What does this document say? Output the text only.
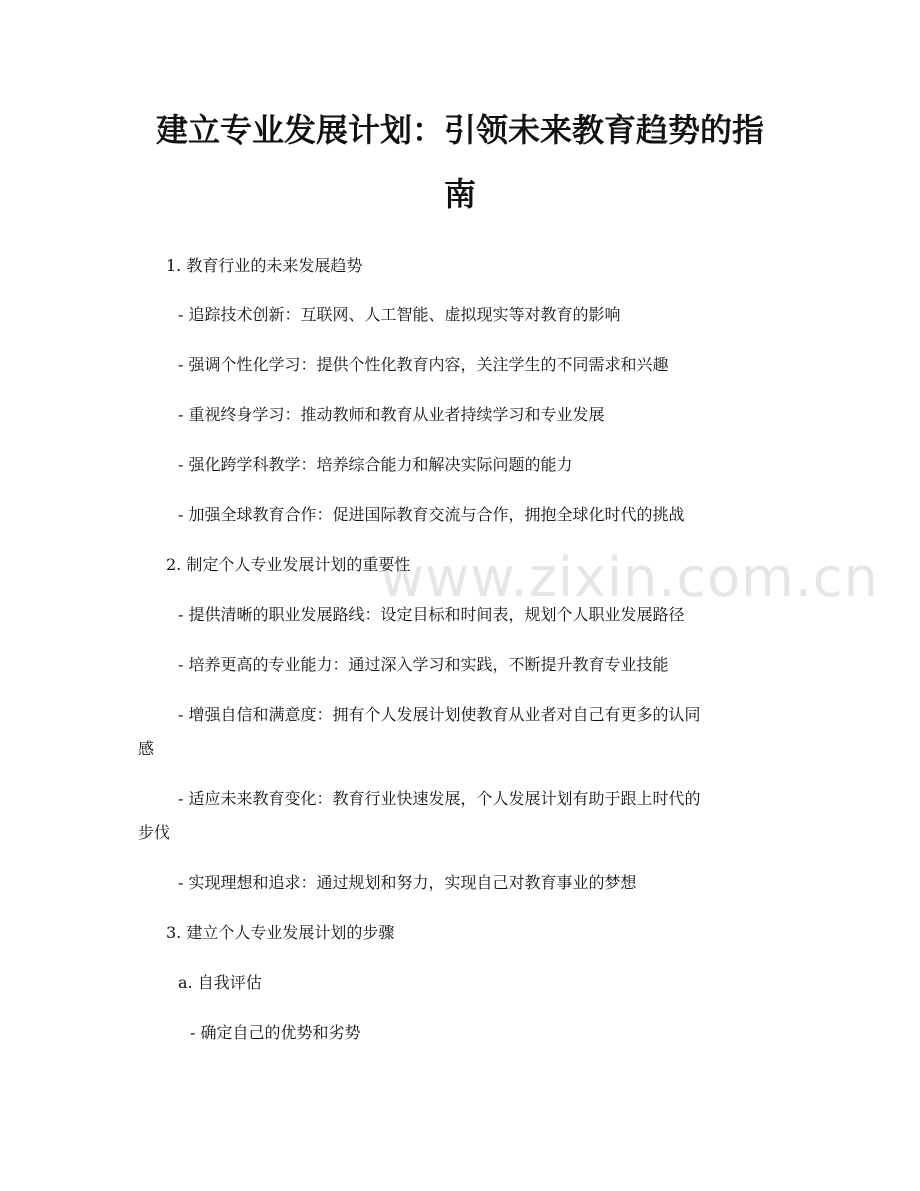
www.zixin.com.cn
建立专业发展计划：引领未来教育趋势的指
南
1. 教育行业的未来发展趋势
- 追踪技术创新：互联网、人工智能、虚拟现实等对教育的影响
- 强调个性化学习：提供个性化教育内容，关注学生的不同需求和兴趣
- 重视终身学习：推动教师和教育从业者持续学习和专业发展
- 强化跨学科教学：培养综合能力和解决实际问题的能力
- 加强全球教育合作：促进国际教育交流与合作，拥抱全球化时代的挑战
2. 制定个人专业发展计划的重要性
- 提供清晰的职业发展路线：设定目标和时间表，规划个人职业发展路径
- 培养更高的专业能力：通过深入学习和实践，不断提升教育专业技能
- 增强自信和满意度：拥有个人发展计划使教育从业者对自己有更多的认同
感
- 适应未来教育变化：教育行业快速发展，个人发展计划有助于跟上时代的
步伐
- 实现理想和追求：通过规划和努力，实现自己对教育事业的梦想
3. 建立个人专业发展计划的步骤
a. 自我评估
- 确定自己的优势和劣势
